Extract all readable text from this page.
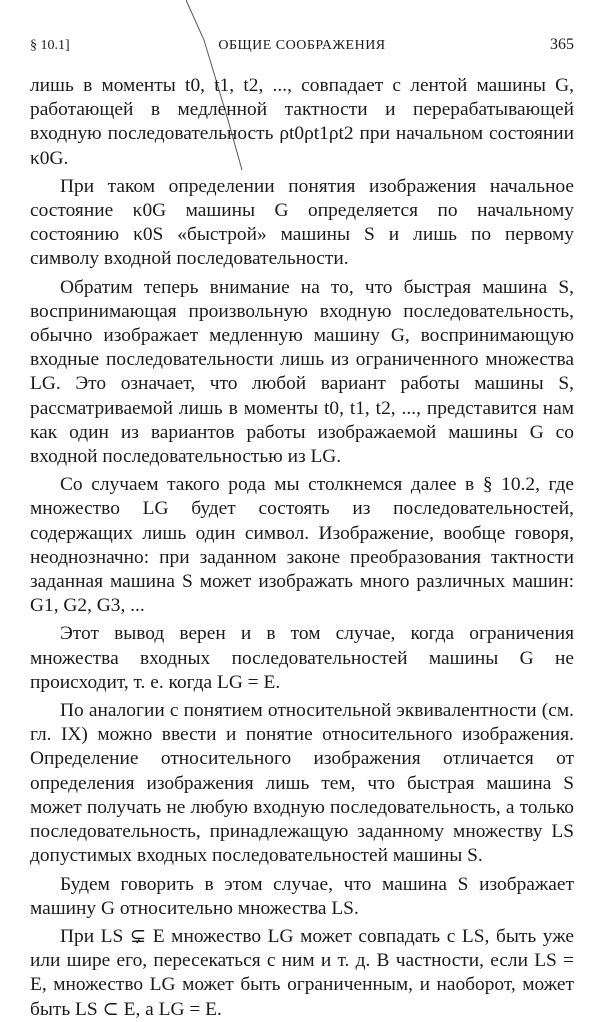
§ 10.1]	ОБЩИЕ СООБРАЖЕНИЯ	365

лишь в моменты t0, t1, t2, ..., совпадает с лентой машины G, работающей в медленной тактности и перерабатывающей входную последовательность ρt0ρt1ρt2 при начальном состоянии κ0G.

При таком определении понятия изображения начальное состояние κ0G машины G определяется по начальному состоянию κ0S «быстрой» машины S и лишь по первому символу входной последовательности.

Обратим теперь внимание на то, что быстрая машина S, воспринимающая произвольную входную последовательность, обычно изображает медленную машину G, воспринимающую входные последовательности лишь из ограниченного множества LG. Это означает, что любой вариант работы машины S, рассматриваемой лишь в моменты t0, t1, t2, ..., представится нам как один из вариантов работы изображаемой машины G со входной последовательностью из LG.

Со случаем такого рода мы столкнемся далее в § 10.2, где множество LG будет состоять из последовательностей, содержащих лишь один символ. Изображение, вообще говоря, неоднозначно: при заданном законе преобразования тактности заданная машина S может изображать много различных машин: G1, G2, G3, ...

Этот вывод верен и в том случае, когда ограничения множества входных последовательностей машины G не происходит, т. е. когда LG = E.

По аналогии с понятием относительной эквивалентности (см. гл. IX) можно ввести и понятие относительного изображения. Определение относительного изображения отличается от определения изображения лишь тем, что быстрая машина S может получать не любую входную последовательность, а только последовательность, принадлежащую заданному множеству LS допустимых входных последовательностей машины S.

Будем говорить в этом случае, что машина S изображает машину G относительно множества LS.

При LS ⊊ E множество LG может совпадать с LS, быть уже или шире его, пересекаться с ним и т. д. В частности, если LS = E, множество LG может быть ограниченным, и наоборот, может быть LS ⊂ E, а LG = E.
